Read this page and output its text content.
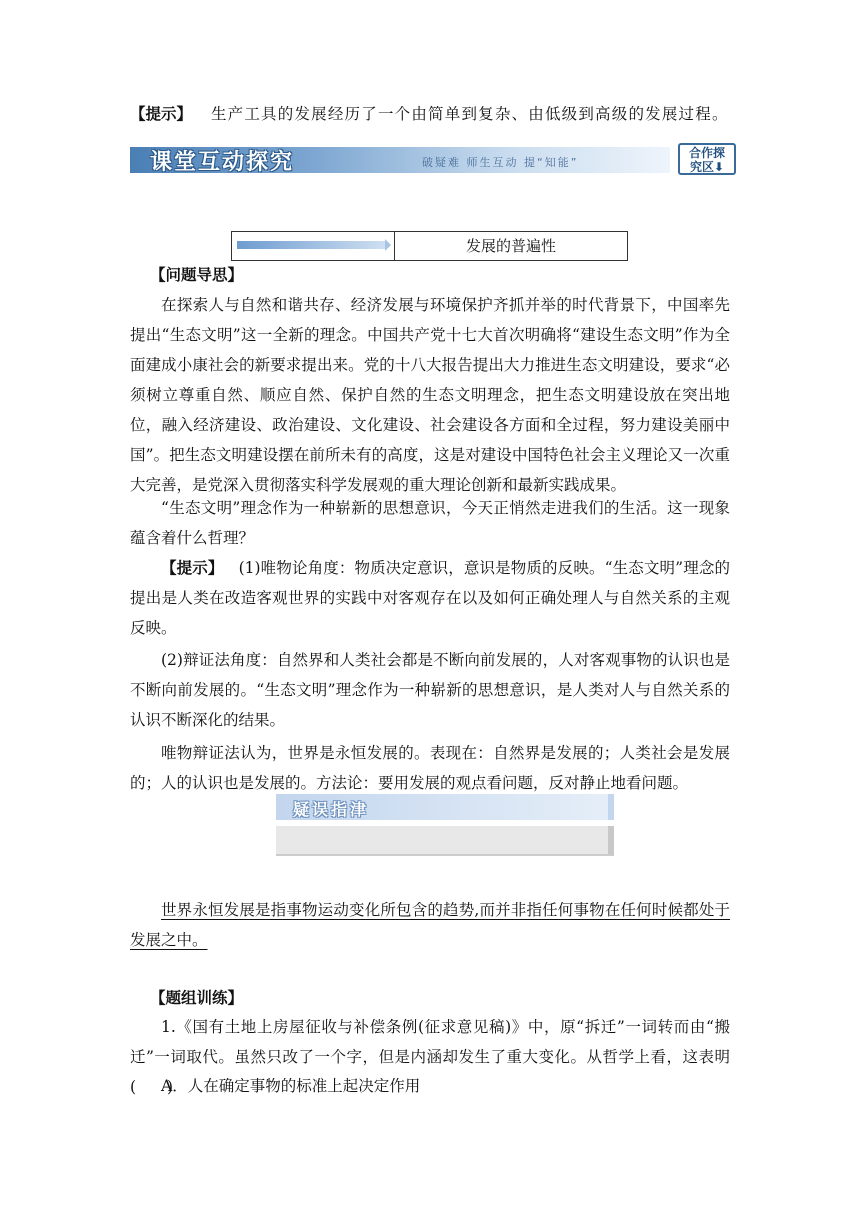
【提示】 生产工具的发展经历了一个由简单到复杂、由低级到高级的发展过程。
课堂互动探究	破疑难 师生互动 提“知能”
合作探
究区⬇
发展的普遍性
【问题导思】
在探索人与自然和谐共存、经济发展与环境保护齐抓并举的时代背景下，中国率先提出“生态文明”这一全新的理念。中国共产党十七大首次明确将“建设生态文明”作为全面建成小康社会的新要求提出来。党的十八大报告提出大力推进生态文明建设，要求“必须树立尊重自然、顺应自然、保护自然的生态文明理念，把生态文明建设放在突出地位，融入经济建设、政治建设、文化建设、社会建设各方面和全过程，努力建设美丽中国”。把生态文明建设摆在前所未有的高度，这是对建设中国特色社会主义理论又一次重大完善，是党深入贯彻落实科学发展观的重大理论创新和最新实践成果。
“生态文明”理念作为一种崭新的思想意识，今天正悄然走进我们的生活。这一现象蕴含着什么哲理？
【提示】 (1)唯物论角度：物质决定意识，意识是物质的反映。“生态文明”理念的提出是人类在改造客观世界的实践中对客观存在以及如何正确处理人与自然关系的主观反映。
(2)辩证法角度：自然界和人类社会都是不断向前发展的，人对客观事物的认识也是不断向前发展的。“生态文明”理念作为一种崭新的思想意识，是人类对人与自然关系的认识不断深化的结果。
唯物辩证法认为，世界是永恒发展的。表现在：自然界是发展的；人类社会是发展的；人的认识也是发展的。方法论：要用发展的观点看问题，反对静止地看问题。
疑误指津
世界永恒发展是指事物运动变化所包含的趋势,而并非指任何事物在任何时候都处于发展之中。
【题组训练】
1.《国有土地上房屋征收与补偿条例(征求意见稿)》中，原“拆迁”一词转而由“搬迁”一词取代。虽然只改了一个字，但是内涵却发生了重大变化。从哲学上看，这表明(　　)
A．人在确定事物的标准上起决定作用
